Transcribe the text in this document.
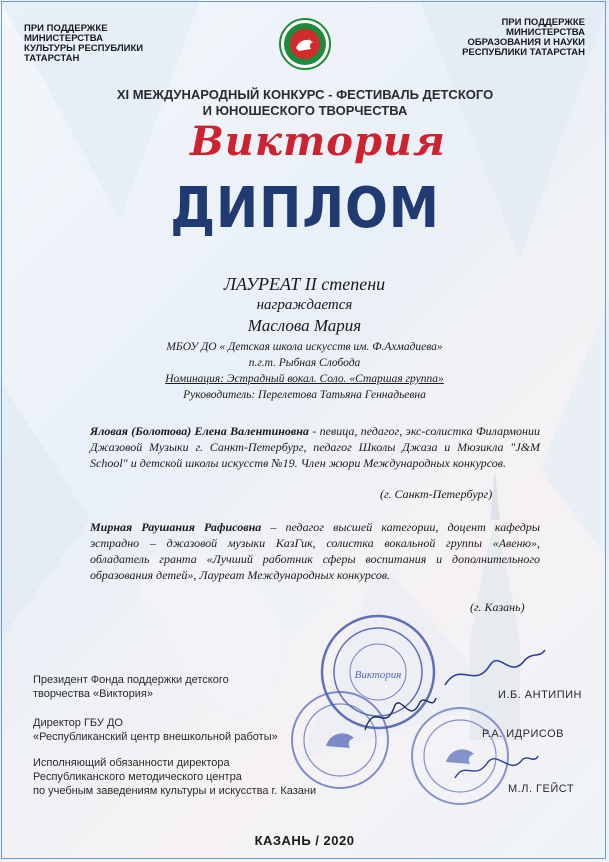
ПРИ ПОДДЕРЖКЕ
МИНИСТЕРСТВА
КУЛЬТУРЫ РЕСПУБЛИКИ
ТАТАРСТАН
ПРИ ПОДДЕРЖКЕ
МИНИСТЕРСТВА
ОБРАЗОВАНИЯ И НАУКИ
РЕСПУБЛИКИ ТАТАРСТАН
XI МЕЖДУНАРОДНЫЙ КОНКУРС - ФЕСТИВАЛЬ ДЕТСКОГО
И ЮНОШЕСКОГО ТВОРЧЕСТВА
Виктория
ДИПЛОМ
ЛАУРЕАТ II степени
награждается
Маслова Мария
МБОУ ДО « Детская школа искусств им. Ф.Ахмадиева»
п.г.т. Рыбная Слобода
Номинация: Эстрадный вокал. Соло. «Старшая группа»
Руководитель: Перелетова Татьяна Геннадьевна
Яловая (Болотова) Елена Валентиновна - певица, педагог, экс-солистка Филармонии Джазовой Музыки г. Санкт-Петербург, педагог Школы Джаза и Мюзикла "J&M School" и детской школы искусств №19. Член жюри Международных конкурсов.
(г. Санкт-Петербург)
Мирная Раушания Рафисовна – педагог высшей категории, доцент кафедры эстрадно – джазовой музыки КазГик, солистка вокальной группы «Авеню», обладатель гранта «Лучший работник сферы воспитания и дополнительного образования детей», Лауреат Международных конкурсов.
(г. Казань)
Виктория
Президент Фонда поддержки детского
творчества «Виктория»	И.Б. АНТИПИН
Директор ГБУ ДО
«Республиканский центр внешкольной работы»	Р.А. ИДРИСОВ
Исполняющий обязанности директора
Республиканского методического центра
по учебным заведениям культуры и искусства г. Казани	М.Л. ГЕЙСТ
КАЗАНЬ / 2020
